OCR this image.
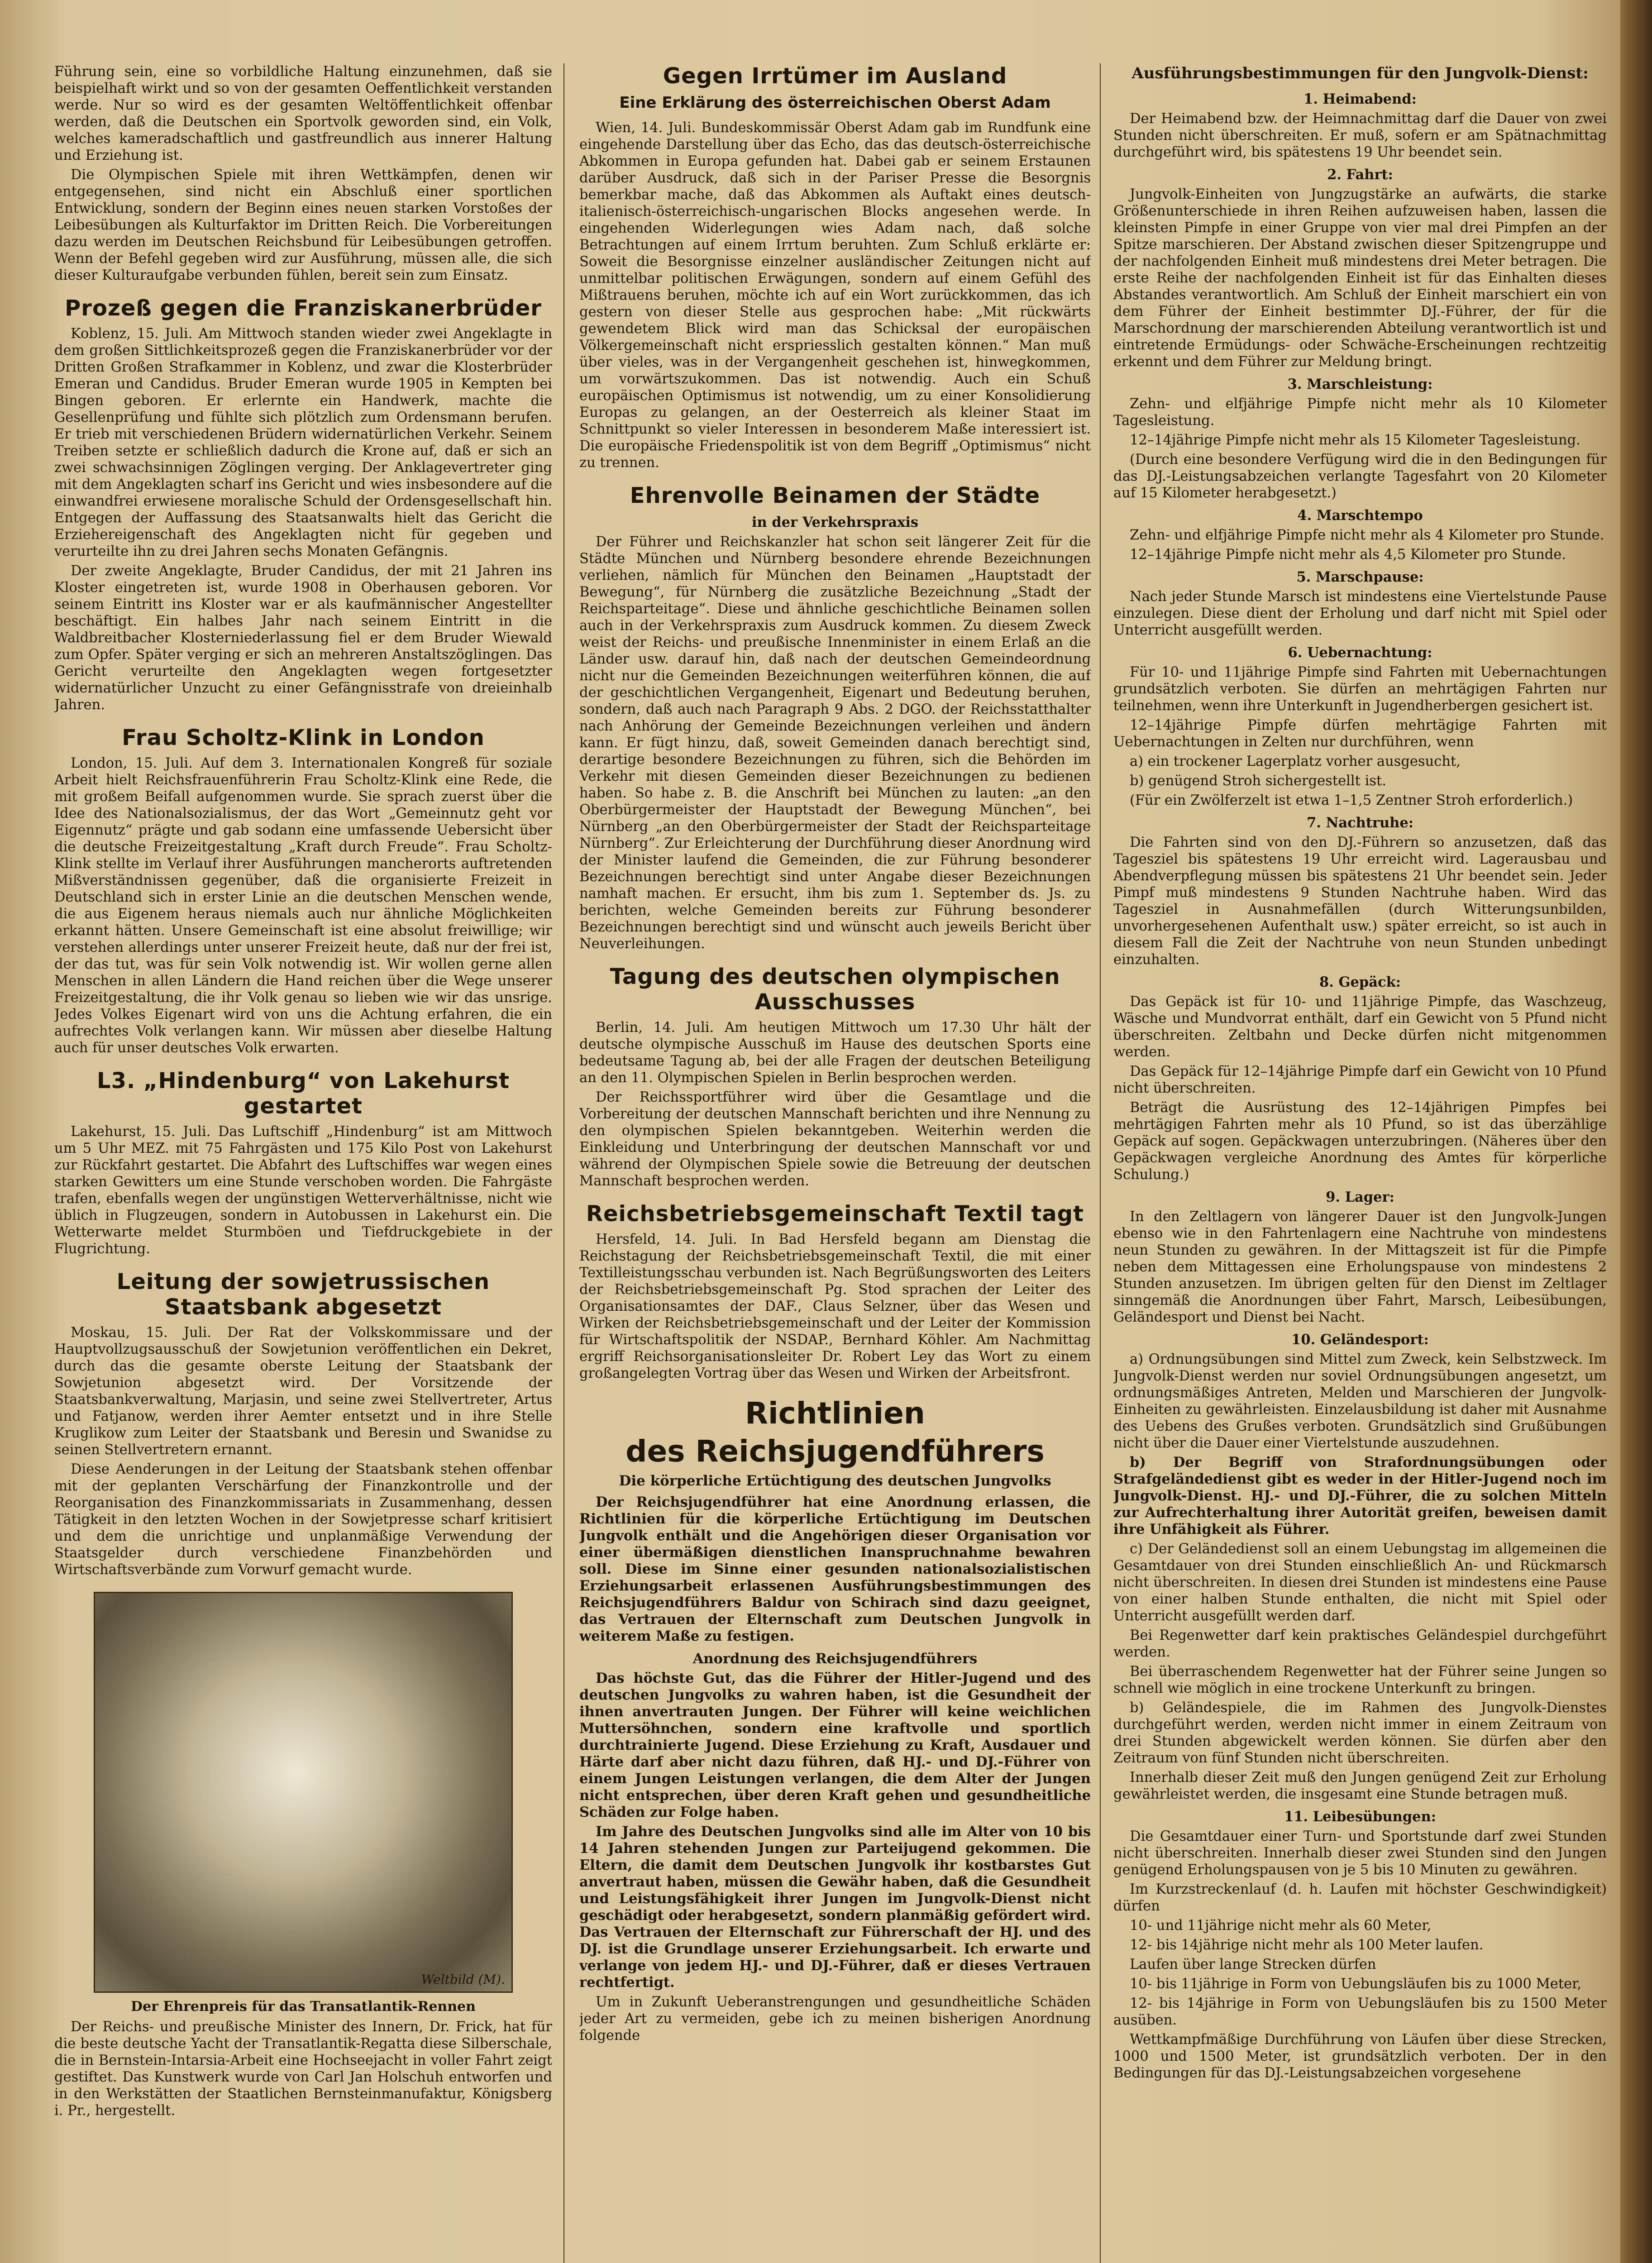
Führung sein, eine so vorbildliche Haltung einzunehmen, daß sie beispielhaft wirkt und so von der gesamten Oeffentlichkeit verstanden werde. Nur so wird es der gesamten Weltöffentlichkeit offenbar werden, daß die Deutschen ein Sportvolk geworden sind, ein Volk, welches kameradschaftlich und gastfreundlich aus innerer Haltung und Erziehung ist.

Die Olympischen Spiele mit ihren Wettkämpfen, denen wir entgegensehen, sind nicht ein Abschluß einer sportlichen Entwicklung, sondern der Beginn eines neuen starken Vorstoßes der Leibesübungen als Kulturfaktor im Dritten Reich. Die Vorbereitungen dazu werden im Deutschen Reichsbund für Leibesübungen getroffen. Wenn der Befehl gegeben wird zur Ausführung, müssen alle, die sich dieser Kulturaufgabe verbunden fühlen, bereit sein zum Einsatz.

Prozeß gegen die Franziskanerbrüder

Koblenz, 15. Juli. Am Mittwoch standen wieder zwei Angeklagte in dem großen Sittlichkeitsprozeß gegen die Franziskanerbrüder vor der Dritten Großen Strafkammer in Koblenz, und zwar die Klosterbrüder Emeran und Candidus. Bruder Emeran wurde 1905 in Kempten bei Bingen geboren. Er erlernte ein Handwerk, machte die Gesellenprüfung und fühlte sich plötzlich zum Ordensmann berufen. Er trieb mit verschiedenen Brüdern widernatürlichen Verkehr. Seinem Treiben setzte er schließlich dadurch die Krone auf, daß er sich an zwei schwachsinnigen Zöglingen verging. Der Anklagevertreter ging mit dem Angeklagten scharf ins Gericht und wies insbesondere auf die einwandfrei erwiesene moralische Schuld der Ordensgesellschaft hin. Entgegen der Auffassung des Staatsanwalts hielt das Gericht die Erziehereigenschaft des Angeklagten nicht für gegeben und verurteilte ihn zu drei Jahren sechs Monaten Gefängnis.

Der zweite Angeklagte, Bruder Candidus, der mit 21 Jahren ins Kloster eingetreten ist, wurde 1908 in Oberhausen geboren. Vor seinem Eintritt ins Kloster war er als kaufmännischer Angestellter beschäftigt. Ein halbes Jahr nach seinem Eintritt in die Waldbreitbacher Klosterniederlassung fiel er dem Bruder Wiewald zum Opfer. Später verging er sich an mehreren Anstaltszöglingen. Das Gericht verurteilte den Angeklagten wegen fortgesetzter widernatürlicher Unzucht zu einer Gefängnisstrafe von dreieinhalb Jahren.

Frau Scholtz-Klink in London

London, 15. Juli. Auf dem 3. Internationalen Kongreß für soziale Arbeit hielt Reichsfrauenführerin Frau Scholtz-Klink eine Rede, die mit großem Beifall aufgenommen wurde. Sie sprach zuerst über die Idee des Nationalsozialismus, der das Wort „Gemeinnutz geht vor Eigennutz“ prägte und gab sodann eine umfassende Uebersicht über die deutsche Freizeitgestaltung „Kraft durch Freude“. Frau Scholtz-Klink stellte im Verlauf ihrer Ausführungen mancherorts auftretenden Mißverständnissen gegenüber, daß die organisierte Freizeit in Deutschland sich in erster Linie an die deutschen Menschen wende, die aus Eigenem heraus niemals auch nur ähnliche Möglichkeiten erkannt hätten. Unsere Gemeinschaft ist eine absolut freiwillige; wir verstehen allerdings unter unserer Freizeit heute, daß nur der frei ist, der das tut, was für sein Volk notwendig ist. Wir wollen gerne allen Menschen in allen Ländern die Hand reichen über die Wege unserer Freizeitgestaltung, die ihr Volk genau so lieben wie wir das unsrige. Jedes Volkes Eigenart wird von uns die Achtung erfahren, die ein aufrechtes Volk verlangen kann. Wir müssen aber dieselbe Haltung auch für unser deutsches Volk erwarten.

L3. „Hindenburg“ von Lakehurst gestartet

Lakehurst, 15. Juli. Das Luftschiff „Hindenburg“ ist am Mittwoch um 5 Uhr MEZ. mit 75 Fahrgästen und 175 Kilo Post von Lakehurst zur Rückfahrt gestartet. Die Abfahrt des Luftschiffes war wegen eines starken Gewitters um eine Stunde verschoben worden. Die Fahrgäste trafen, ebenfalls wegen der ungünstigen Wetterverhältnisse, nicht wie üblich in Flugzeugen, sondern in Autobussen in Lakehurst ein. Die Wetterwarte meldet Sturmböen und Tiefdruckgebiete in der Flugrichtung.

Leitung der sowjetrussischen Staatsbank abgesetzt

Moskau, 15. Juli. Der Rat der Volkskommissare und der Hauptvollzugsausschuß der Sowjetunion veröffentlichen ein Dekret, durch das die gesamte oberste Leitung der Staatsbank der Sowjetunion abgesetzt wird. Der Vorsitzende der Staatsbankverwaltung, Marjasin, und seine zwei Stellvertreter, Artus und Fatjanow, werden ihrer Aemter entsetzt und in ihre Stelle Kruglikow zum Leiter der Staatsbank und Beresin und Swanidse zu seinen Stellvertretern ernannt.

Diese Aenderungen in der Leitung der Staatsbank stehen offenbar mit der geplanten Verschärfung der Finanzkontrolle und der Reorganisation des Finanzkommissariats in Zusammenhang, dessen Tätigkeit in den letzten Wochen in der Sowjetpresse scharf kritisiert und dem die unrichtige und unplanmäßige Verwendung der Staatsgelder durch verschiedene Finanzbehörden und Wirtschaftsverbände zum Vorwurf gemacht wurde.

Weltbild (M).
Der Ehrenpreis für das Transatlantik-Rennen

Der Reichs- und preußische Minister des Innern, Dr. Frick, hat für die beste deutsche Yacht der Transatlantik-Regatta diese Silberschale, die in Bernstein-Intarsia-Arbeit eine Hochseejacht in voller Fahrt zeigt gestiftet. Das Kunstwerk wurde von Carl Jan Holschuh entworfen und in den Werkstätten der Staatlichen Bernsteinmanufaktur, Königsberg i. Pr., hergestellt.

Gegen Irrtümer im Ausland
Eine Erklärung des österreichischen Oberst Adam

Wien, 14. Juli. Bundeskommissär Oberst Adam gab im Rundfunk eine eingehende Darstellung über das Echo, das das deutsch-österreichische Abkommen in Europa gefunden hat. Dabei gab er seinem Erstaunen darüber Ausdruck, daß sich in der Pariser Presse die Besorgnis bemerkbar mache, daß das Abkommen als Auftakt eines deutsch-italienisch-österreichisch-ungarischen Blocks angesehen werde. In eingehenden Widerlegungen wies Adam nach, daß solche Betrachtungen auf einem Irrtum beruhten. Zum Schluß erklärte er: Soweit die Besorgnisse einzelner ausländischer Zeitungen nicht auf unmittelbar politischen Erwägungen, sondern auf einem Gefühl des Mißtrauens beruhen, möchte ich auf ein Wort zurückkommen, das ich gestern von dieser Stelle aus gesprochen habe: „Mit rückwärts gewendetem Blick wird man das Schicksal der europäischen Völkergemeinschaft nicht erspriesslich gestalten können.“ Man muß über vieles, was in der Vergangenheit geschehen ist, hinwegkommen, um vorwärtszukommen. Das ist notwendig. Auch ein Schuß europäischen Optimismus ist notwendig, um zu einer Konsolidierung Europas zu gelangen, an der Oesterreich als kleiner Staat im Schnittpunkt so vieler Interessen in besonderem Maße interessiert ist. Die europäische Friedenspolitik ist von dem Begriff „Optimismus“ nicht zu trennen.

Ehrenvolle Beinamen der Städte
in der Verkehrspraxis

Der Führer und Reichskanzler hat schon seit längerer Zeit für die Städte München und Nürnberg besondere ehrende Bezeichnungen verliehen, nämlich für München den Beinamen „Hauptstadt der Bewegung“, für Nürnberg die zusätzliche Bezeichnung „Stadt der Reichsparteitage“. Diese und ähnliche geschichtliche Beinamen sollen auch in der Verkehrspraxis zum Ausdruck kommen. Zu diesem Zweck weist der Reichs- und preußische Innenminister in einem Erlaß an die Länder usw. darauf hin, daß nach der deutschen Gemeindeordnung nicht nur die Gemeinden Bezeichnungen weiterführen können, die auf der geschichtlichen Vergangenheit, Eigenart und Bedeutung beruhen, sondern, daß auch nach Paragraph 9 Abs. 2 DGO. der Reichsstatthalter nach Anhörung der Gemeinde Bezeichnungen verleihen und ändern kann. Er fügt hinzu, daß, soweit Gemeinden danach berechtigt sind, derartige besondere Bezeichnungen zu führen, sich die Behörden im Verkehr mit diesen Gemeinden dieser Bezeichnungen zu bedienen haben. So habe z. B. die Anschrift bei München zu lauten: „an den Oberbürgermeister der Hauptstadt der Bewegung München“, bei Nürnberg „an den Oberbürgermeister der Stadt der Reichsparteitage Nürnberg“. Zur Erleichterung der Durchführung dieser Anordnung wird der Minister laufend die Gemeinden, die zur Führung besonderer Bezeichnungen berechtigt sind unter Angabe dieser Bezeichnungen namhaft machen. Er ersucht, ihm bis zum 1. September ds. Js. zu berichten, welche Gemeinden bereits zur Führung besonderer Bezeichnungen berechtigt sind und wünscht auch jeweils Bericht über Neuverleihungen.

Tagung des deutschen olympischen Ausschusses

Berlin, 14. Juli. Am heutigen Mittwoch um 17.30 Uhr hält der deutsche olympische Ausschuß im Hause des deutschen Sports eine bedeutsame Tagung ab, bei der alle Fragen der deutschen Beteiligung an den 11. Olympischen Spielen in Berlin besprochen werden.

Der Reichssportführer wird über die Gesamtlage und die Vorbereitung der deutschen Mannschaft berichten und ihre Nennung zu den olympischen Spielen bekanntgeben. Weiterhin werden die Einkleidung und Unterbringung der deutschen Mannschaft vor und während der Olympischen Spiele sowie die Betreuung der deutschen Mannschaft besprochen werden.

Reichsbetriebsgemeinschaft Textil tagt

Hersfeld, 14. Juli. In Bad Hersfeld begann am Dienstag die Reichstagung der Reichsbetriebsgemeinschaft Textil, die mit einer Textilleistungsschau verbunden ist. Nach Begrüßungsworten des Leiters der Reichsbetriebsgemeinschaft Pg. Stod sprachen der Leiter des Organisationsamtes der DAF., Claus Selzner, über das Wesen und Wirken der Reichsbetriebsgemeinschaft und der Leiter der Kommission für Wirtschaftspolitik der NSDAP., Bernhard Köhler. Am Nachmittag ergriff Reichsorganisationsleiter Dr. Robert Ley das Wort zu einem großangelegten Vortrag über das Wesen und Wirken der Arbeitsfront.

Richtlinien
des Reichsjugendführers
Die körperliche Ertüchtigung des deutschen Jungvolks

Der Reichsjugendführer hat eine Anordnung erlassen, die Richtlinien für die körperliche Ertüchtigung im Deutschen Jungvolk enthält und die Angehörigen dieser Organisation vor einer übermäßigen dienstlichen Inanspruchnahme bewahren soll. Diese im Sinne einer gesunden nationalsozialistischen Erziehungsarbeit erlassenen Ausführungsbestimmungen des Reichsjugendführers Baldur von Schirach sind dazu geeignet, das Vertrauen der Elternschaft zum Deutschen Jungvolk in weiterem Maße zu festigen.

Anordnung des Reichsjugendführers

Das höchste Gut, das die Führer der Hitler-Jugend und des deutschen Jungvolks zu wahren haben, ist die Gesundheit der ihnen anvertrauten Jungen. Der Führer will keine weichlichen Muttersöhnchen, sondern eine kraftvolle und sportlich durchtrainierte Jugend. Diese Erziehung zu Kraft, Ausdauer und Härte darf aber nicht dazu führen, daß HJ.- und DJ.-Führer von einem Jungen Leistungen verlangen, die dem Alter der Jungen nicht entsprechen, über deren Kraft gehen und gesundheitliche Schäden zur Folge haben.

Im Jahre des Deutschen Jungvolks sind alle im Alter von 10 bis 14 Jahren stehenden Jungen zur Parteijugend gekommen. Die Eltern, die damit dem Deutschen Jungvolk ihr kostbarstes Gut anvertraut haben, müssen die Gewähr haben, daß die Gesundheit und Leistungsfähigkeit ihrer Jungen im Jungvolk-Dienst nicht geschädigt oder herabgesetzt, sondern planmäßig gefördert wird. Das Vertrauen der Elternschaft zur Führerschaft der HJ. und des DJ. ist die Grundlage unserer Erziehungsarbeit. Ich erwarte und verlange von jedem HJ.- und DJ.-Führer, daß er dieses Vertrauen rechtfertigt.

Um in Zukunft Ueberanstrengungen und gesundheitliche Schäden jeder Art zu vermeiden, gebe ich zu meinen bisherigen Anordnung folgende

Ausführungsbestimmungen für den Jungvolk-Dienst:
1. Heimabend:

Der Heimabend bzw. der Heimnachmittag darf die Dauer von zwei Stunden nicht überschreiten. Er muß, sofern er am Spätnachmittag durchgeführt wird, bis spätestens 19 Uhr beendet sein.

2. Fahrt:

Jungvolk-Einheiten von Jungzugstärke an aufwärts, die starke Größenunterschiede in ihren Reihen aufzuweisen haben, lassen die kleinsten Pimpfe in einer Gruppe von vier mal drei Pimpfen an der Spitze marschieren. Der Abstand zwischen dieser Spitzengruppe und der nachfolgenden Einheit muß mindestens drei Meter betragen. Die erste Reihe der nachfolgenden Einheit ist für das Einhalten dieses Abstandes verantwortlich. Am Schluß der Einheit marschiert ein von dem Führer der Einheit bestimmter DJ.-Führer, der für die Marschordnung der marschierenden Abteilung verantwortlich ist und eintretende Ermüdungs- oder Schwäche-Erscheinungen rechtzeitig erkennt und dem Führer zur Meldung bringt.

3. Marschleistung:

Zehn- und elfjährige Pimpfe nicht mehr als 10 Kilometer Tagesleistung.

12–14jährige Pimpfe nicht mehr als 15 Kilometer Tagesleistung.

(Durch eine besondere Verfügung wird die in den Bedingungen für das DJ.-Leistungsabzeichen verlangte Tagesfahrt von 20 Kilometer auf 15 Kilometer herabgesetzt.)

4. Marschtempo

Zehn- und elfjährige Pimpfe nicht mehr als 4 Kilometer pro Stunde.

12–14jährige Pimpfe nicht mehr als 4,5 Kilometer pro Stunde.

5. Marschpause:

Nach jeder Stunde Marsch ist mindestens eine Viertelstunde Pause einzulegen. Diese dient der Erholung und darf nicht mit Spiel oder Unterricht ausgefüllt werden.

6. Uebernachtung:

Für 10- und 11jährige Pimpfe sind Fahrten mit Uebernachtungen grundsätzlich verboten. Sie dürfen an mehrtägigen Fahrten nur teilnehmen, wenn ihre Unterkunft in Jugendherbergen gesichert ist.

12–14jährige Pimpfe dürfen mehrtägige Fahrten mit Uebernachtungen in Zelten nur durchführen, wenn

a) ein trockener Lagerplatz vorher ausgesucht,

b) genügend Stroh sichergestellt ist.

(Für ein Zwölferzelt ist etwa 1–1,5 Zentner Stroh erforderlich.)

7. Nachtruhe:

Die Fahrten sind von den DJ.-Führern so anzusetzen, daß das Tagesziel bis spätestens 19 Uhr erreicht wird. Lagerausbau und Abendverpflegung müssen bis spätestens 21 Uhr beendet sein. Jeder Pimpf muß mindestens 9 Stunden Nachtruhe haben. Wird das Tagesziel in Ausnahmefällen (durch Witterungsunbilden, unvorhergesehenen Aufenthalt usw.) später erreicht, so ist auch in diesem Fall die Zeit der Nachtruhe von neun Stunden unbedingt einzuhalten.

8. Gepäck:

Das Gepäck ist für 10- und 11jährige Pimpfe, das Waschzeug, Wäsche und Mundvorrat enthält, darf ein Gewicht von 5 Pfund nicht überschreiten. Zeltbahn und Decke dürfen nicht mitgenommen werden.

Das Gepäck für 12–14jährige Pimpfe darf ein Gewicht von 10 Pfund nicht überschreiten.

Beträgt die Ausrüstung des 12–14jährigen Pimpfes bei mehrtägigen Fahrten mehr als 10 Pfund, so ist das überzählige Gepäck auf sogen. Gepäckwagen unterzubringen. (Näheres über den Gepäckwagen vergleiche Anordnung des Amtes für körperliche Schulung.)

9. Lager:

In den Zeltlagern von längerer Dauer ist den Jungvolk-Jungen ebenso wie in den Fahrtenlagern eine Nachtruhe von mindestens neun Stunden zu gewähren. In der Mittagszeit ist für die Pimpfe neben dem Mittagessen eine Erholungspause von mindestens 2 Stunden anzusetzen. Im übrigen gelten für den Dienst im Zeltlager sinngemäß die Anordnungen über Fahrt, Marsch, Leibesübungen, Geländesport und Dienst bei Nacht.

10. Geländesport:

a) Ordnungsübungen sind Mittel zum Zweck, kein Selbstzweck. Im Jungvolk-Dienst werden nur soviel Ordnungsübungen angesetzt, um ordnungsmäßiges Antreten, Melden und Marschieren der Jungvolk-Einheiten zu gewährleisten. Einzelausbildung ist daher mit Ausnahme des Uebens des Grußes verboten. Grundsätzlich sind Grußübungen nicht über die Dauer einer Viertelstunde auszudehnen.

b) Der Begriff von Strafordnungsübungen oder Strafgeländedienst gibt es weder in der Hitler-Jugend noch im Jungvolk-Dienst. HJ.- und DJ.-Führer, die zu solchen Mitteln zur Aufrechterhaltung ihrer Autorität greifen, beweisen damit ihre Unfähigkeit als Führer.

c) Der Geländedienst soll an einem Uebungstag im allgemeinen die Gesamtdauer von drei Stunden einschließlich An- und Rückmarsch nicht überschreiten. In diesen drei Stunden ist mindestens eine Pause von einer halben Stunde enthalten, die nicht mit Spiel oder Unterricht ausgefüllt werden darf.

Bei Regenwetter darf kein praktisches Geländespiel durchgeführt werden.

Bei überraschendem Regenwetter hat der Führer seine Jungen so schnell wie möglich in eine trockene Unterkunft zu bringen.

b) Geländespiele, die im Rahmen des Jungvolk-Dienstes durchgeführt werden, werden nicht immer in einem Zeitraum von drei Stunden abgewickelt werden können. Sie dürfen aber den Zeitraum von fünf Stunden nicht überschreiten.

Innerhalb dieser Zeit muß den Jungen genügend Zeit zur Erholung gewährleistet werden, die insgesamt eine Stunde betragen muß.

11. Leibesübungen:

Die Gesamtdauer einer Turn- und Sportstunde darf zwei Stunden nicht überschreiten. Innerhalb dieser zwei Stunden sind den Jungen genügend Erholungspausen von je 5 bis 10 Minuten zu gewähren.

Im Kurzstreckenlauf (d. h. Laufen mit höchster Geschwindigkeit) dürfen

10- und 11jährige nicht mehr als 60 Meter,

12- bis 14jährige nicht mehr als 100 Meter laufen.

Laufen über lange Strecken dürfen

10- bis 11jährige in Form von Uebungsläufen bis zu 1000 Meter,

12- bis 14jährige in Form von Uebungsläufen bis zu 1500 Meter ausüben.

Wettkampfmäßige Durchführung von Läufen über diese Strecken, 1000 und 1500 Meter, ist grundsätzlich verboten. Der in den Bedingungen für das DJ.-Leistungsabzeichen vorgesehene
